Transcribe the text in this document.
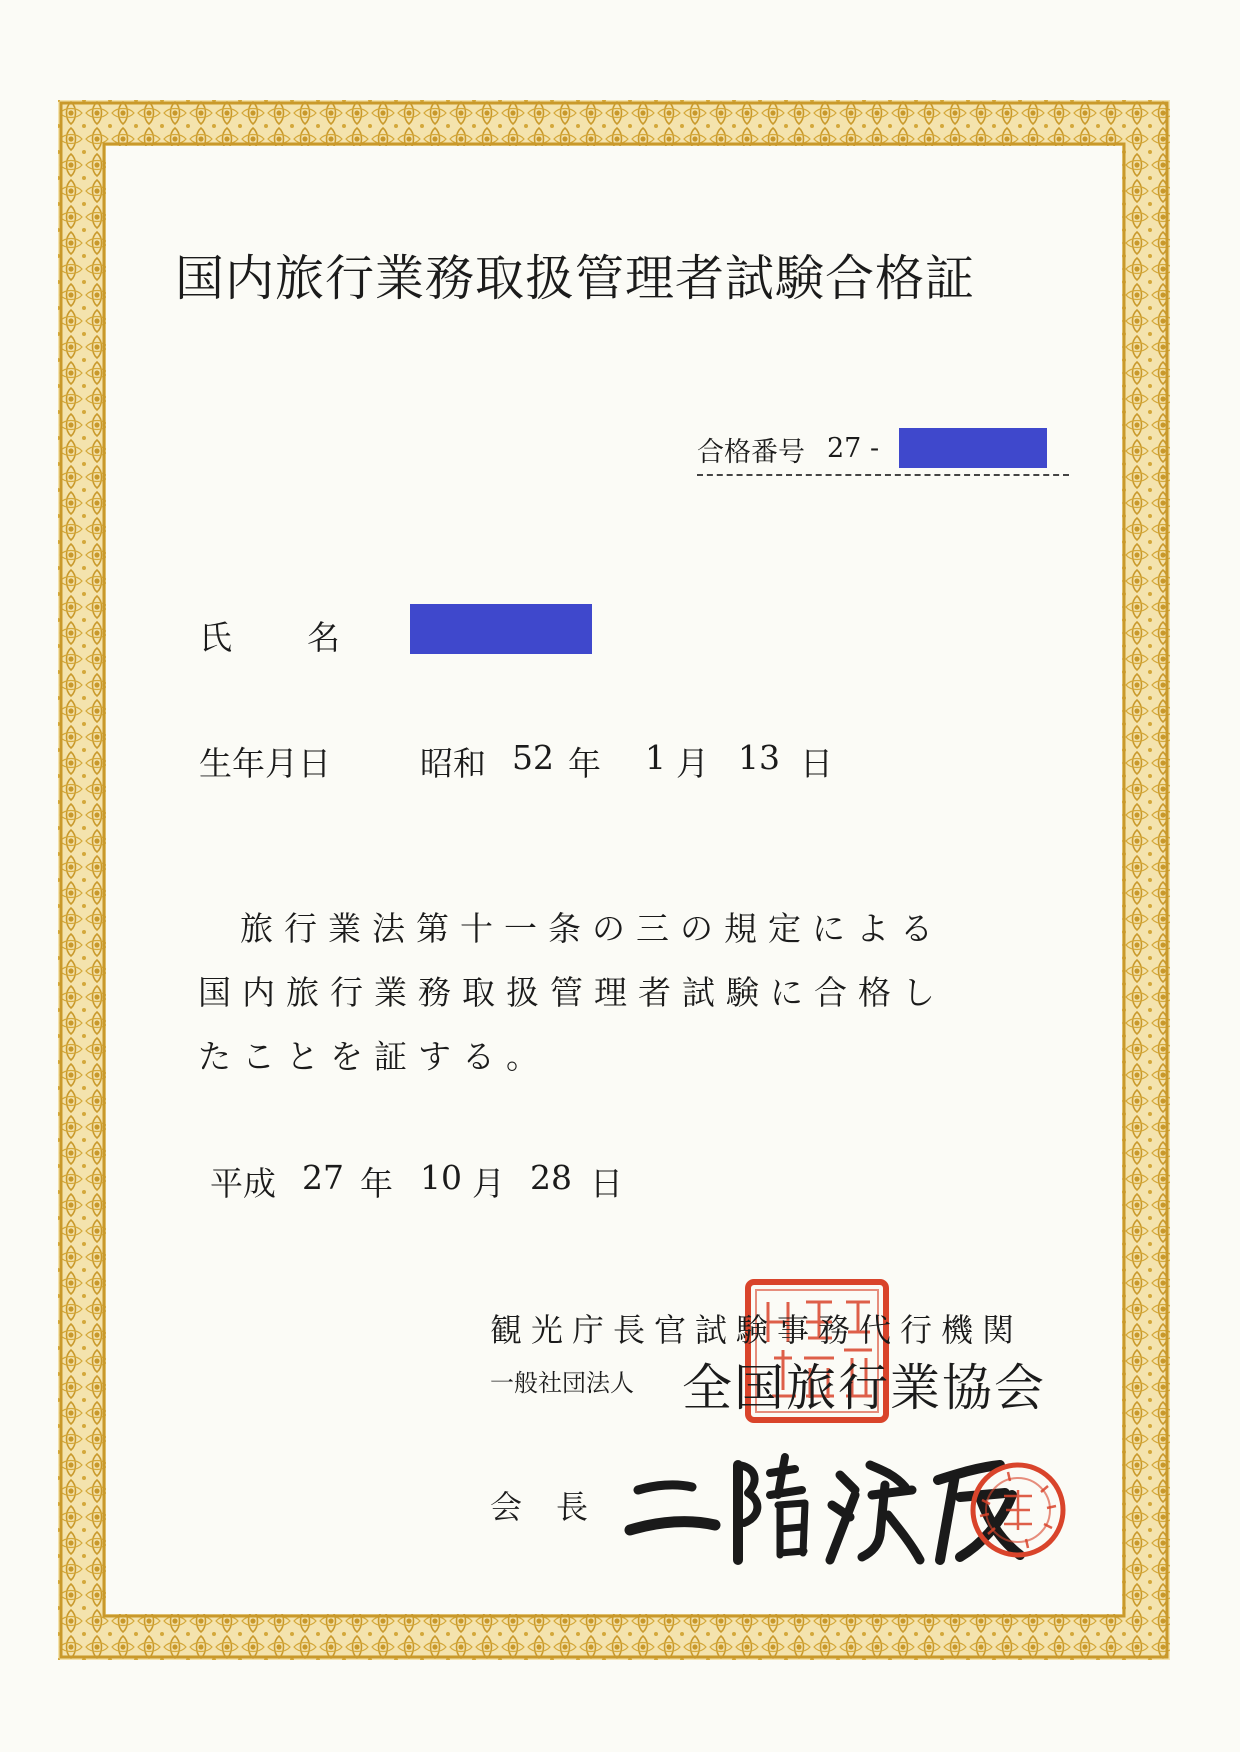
国内旅行業務取扱管理者試験合格証
合格番号 27 -
氏 名
生年月日	昭和 52 年 1 月 13 日
旅行業法第十一条の三の規定による
国内旅行業務取扱管理者試験に合格し
たことを証する。
平成 27 年 10 月 28 日
観光庁長官試験事務代行機関
一般社団法人 全国旅行業協会
会長
